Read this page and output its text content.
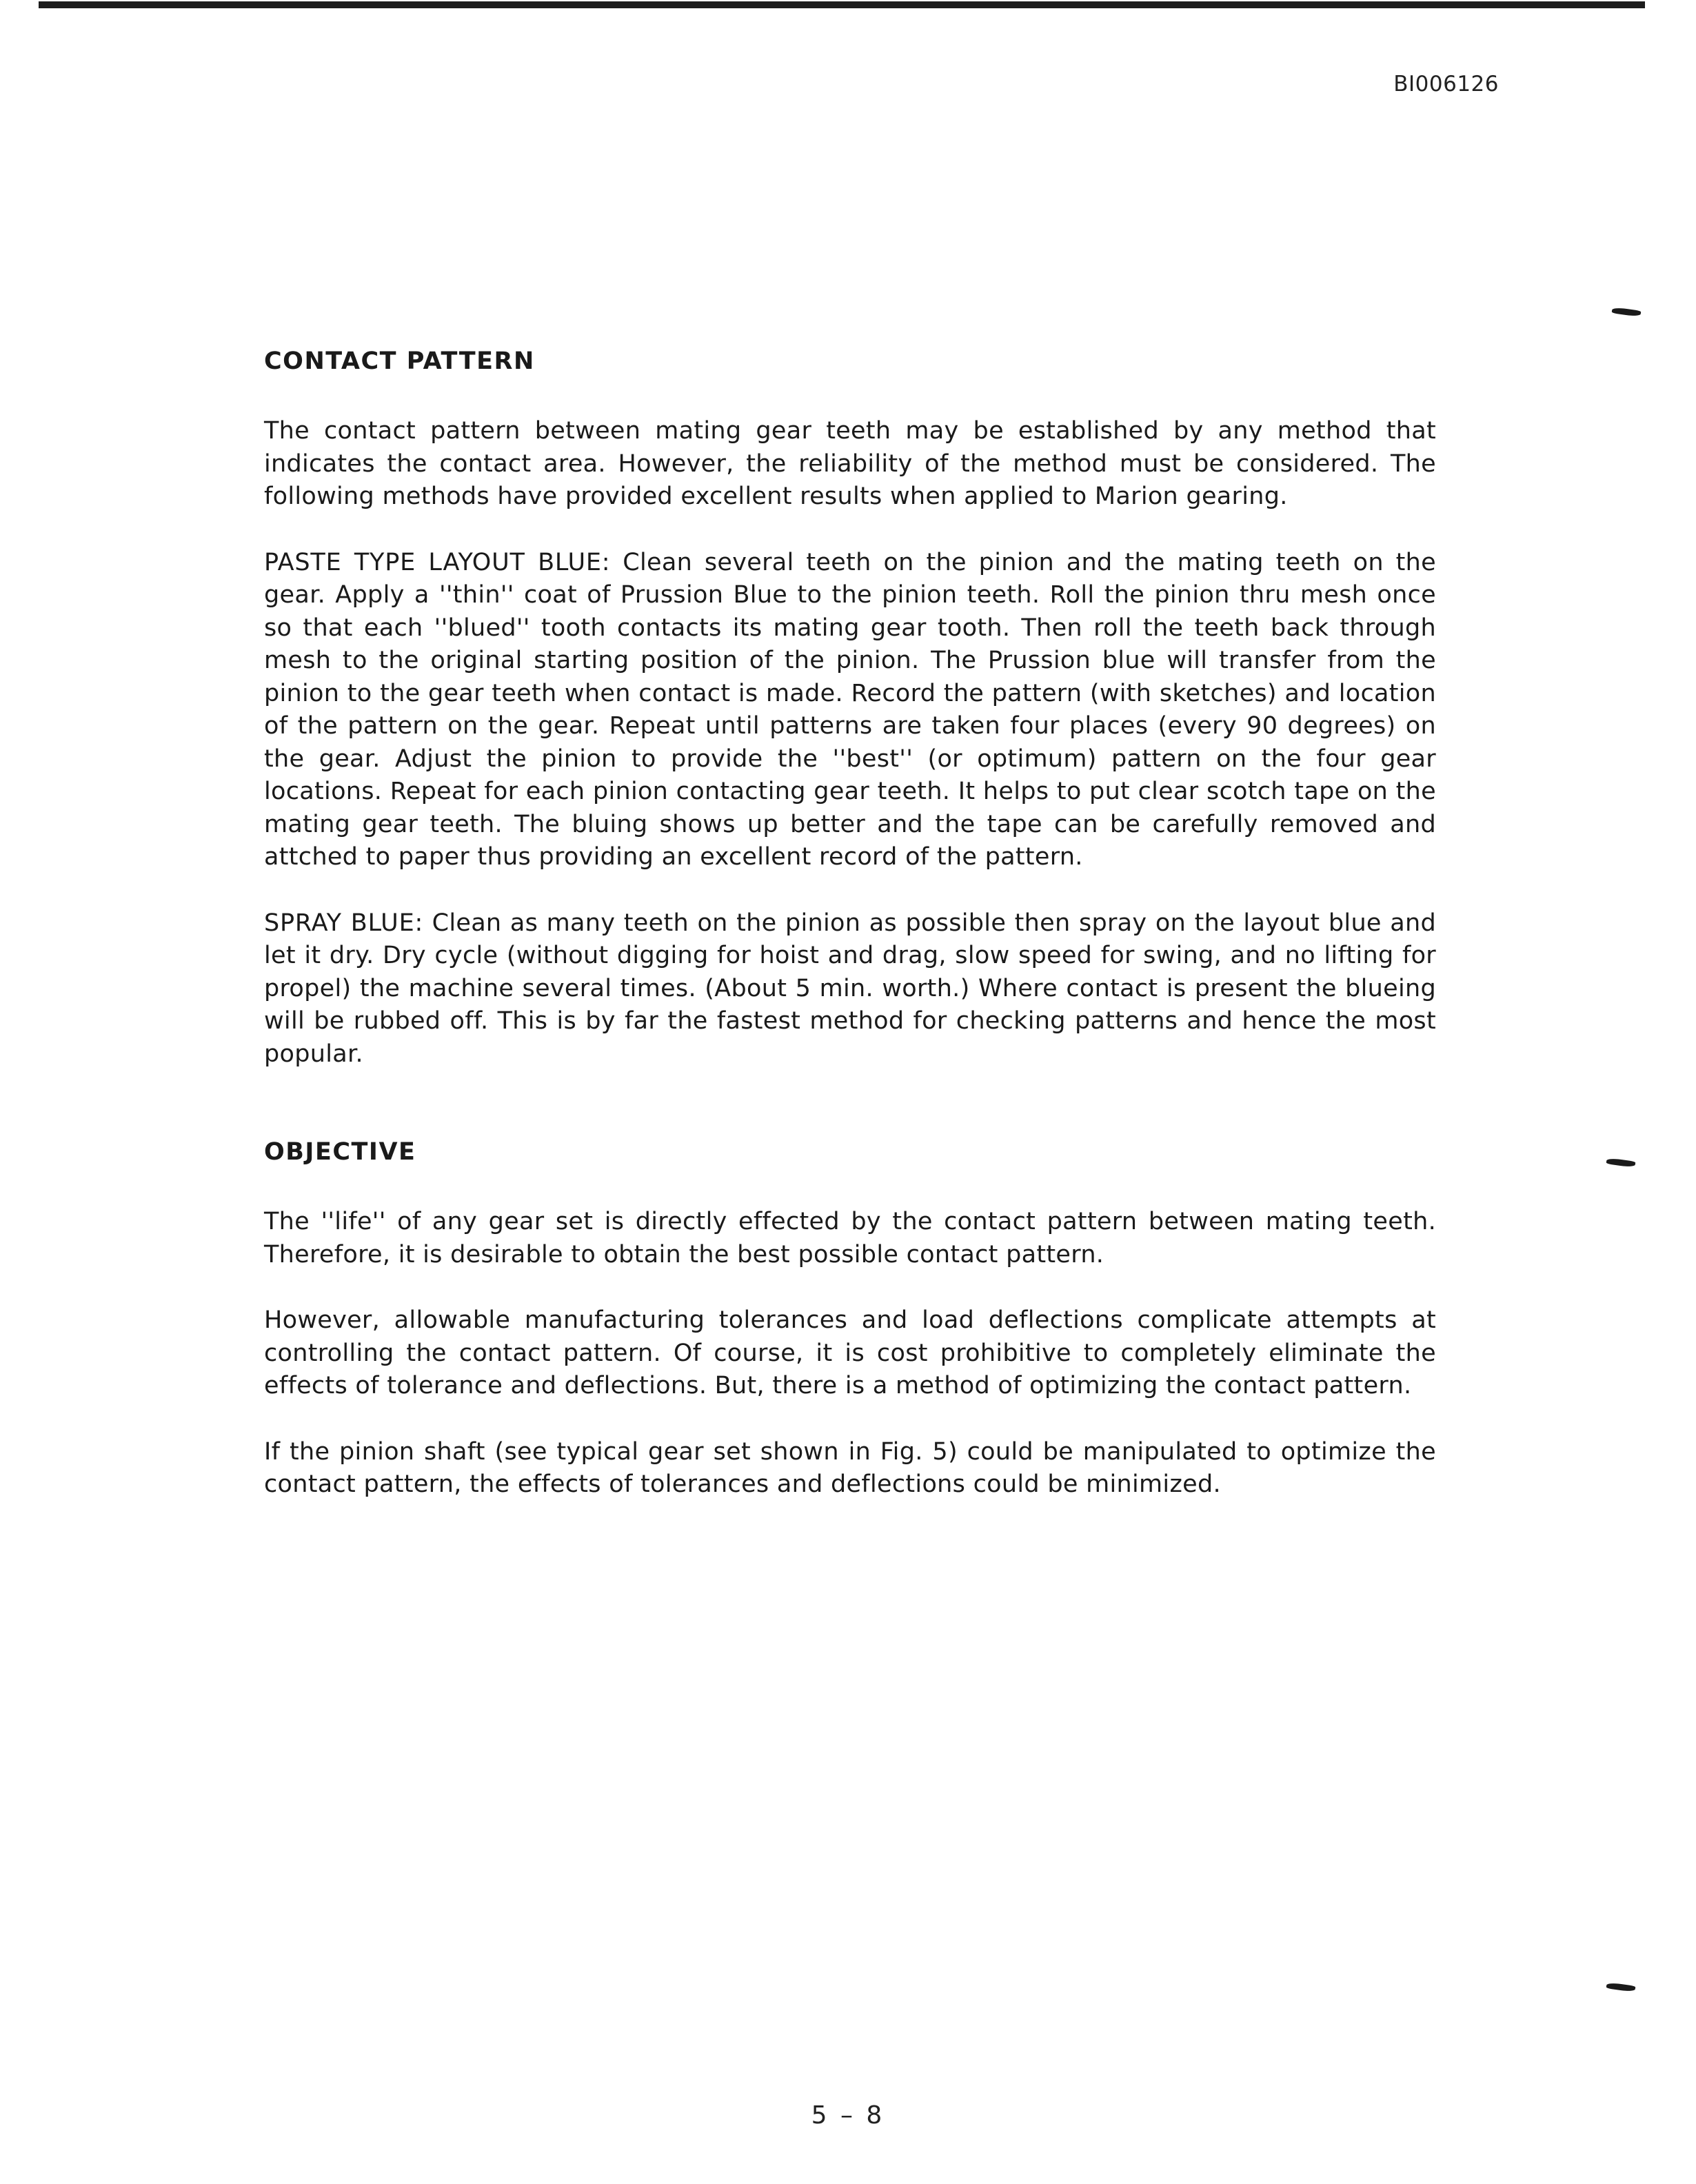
BI006126
CONTACT PATTERN

The contact pattern between mating gear teeth may be established by any method that indicates the contact area. However, the reliability of the method must be considered. The following methods have provided excellent results when applied to Marion gearing.

PASTE TYPE LAYOUT BLUE: Clean several teeth on the pinion and the mating teeth on the gear. Apply a ''thin'' coat of Prussion Blue to the pinion teeth. Roll the pinion thru mesh once so that each ''blued'' tooth contacts its mating gear tooth. Then roll the teeth back through mesh to the original starting position of the pinion. The Prussion blue will transfer from the pinion to the gear teeth when contact is made. Record the pattern (with sketches) and location of the pattern on the gear. Repeat until patterns are taken four places (every 90 degrees) on the gear. Adjust the pinion to provide the ''best'' (or optimum) pattern on the four gear locations. Repeat for each pinion contacting gear teeth. It helps to put clear scotch tape on the mating gear teeth. The bluing shows up better and the tape can be carefully removed and attched to paper thus providing an excellent record of the pattern.

SPRAY BLUE: Clean as many teeth on the pinion as possible then spray on the layout blue and let it dry. Dry cycle (without digging for hoist and drag, slow speed for swing, and no lifting for propel) the machine several times. (About 5 min. worth.) Where contact is present the blueing will be rubbed off. This is by far the fastest method for checking patterns and hence the most popular.

OBJECTIVE

The ''life'' of any gear set is directly effected by the contact pattern between mating teeth. Therefore, it is desirable to obtain the best possible contact pattern.

However, allowable manufacturing tolerances and load deflections complicate attempts at controlling the contact pattern. Of course, it is cost prohibitive to completely eliminate the effects of tolerance and deflections. But, there is a method of optimizing the contact pattern.

If the pinion shaft (see typical gear set shown in Fig. 5) could be manipulated to optimize the contact pattern, the effects of tolerances and deflections could be minimized.

5 – 8
